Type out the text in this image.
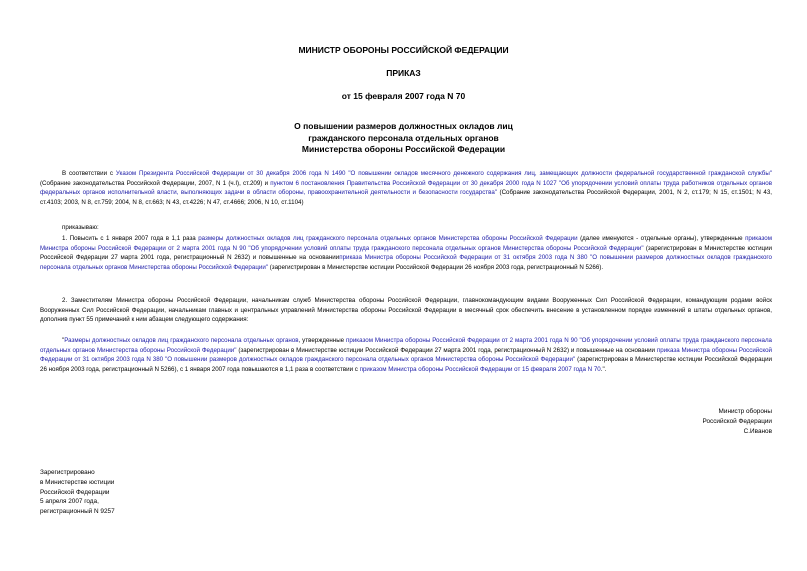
МИНИСТР ОБОРОНЫ РОССИЙСКОЙ ФЕДЕРАЦИИ
ПРИКАЗ
от 15 февраля 2007 года N 70
О повышении размеров должностных окладов лиц
гражданского персонала отдельных органов
Министерства обороны Российской Федерации
В соответствии с Указом Президента Российской Федерации от 30 декабря 2006 года N 1490 "О повышении окладов месячного денежного содержания лиц, замещающих должности федеральной государственной гражданской службы" (Собрание законодательства Российской Федерации, 2007, N 1 (ч.I), ст.209) и пунктом 6 постановления Правительства Российской Федерации от 30 декабря 2000 года N 1027 "Об упорядочении условий оплаты труда работников отдельных органов федеральных органов исполнительной власти, выполняющих задачи в области обороны, правоохранительной деятельности и безопасности государства" (Собрание законодательства Российской Федерации, 2001, N 2, ст.179; N 15, ст.1501; N 43, ст.4103; 2003, N 8, ст.759; 2004, N 8, ст.663; N 43, ст.4226; N 47, ст.4666; 2006, N 10, ст.1104)
приказываю:
1. Повысить с 1 января 2007 года в 1,1 раза размеры должностных окладов лиц гражданского персонала отдельных органов Министерства обороны Российской Федерации (далее именуются - отдельные органы), утвержденные приказом Министра обороны Российской Федерации от 2 марта 2001 года N 90 "Об упорядочении условий оплаты труда гражданского персонала отдельных органов Министерства обороны Российской Федерации" (зарегистрирован в Министерстве юстиции Российской Федерации 27 марта 2001 года, регистрационный N 2632) и повышенные на основанииприказа Министра обороны Российской Федерации от 31 октября 2003 года N 380 "О повышении размеров должностных окладов гражданского персонала отдельных органов Министерства обороны Российской Федерации" (зарегистрирован в Министерстве юстиции Российской Федерации 26 ноября 2003 года, регистрационный N 5266).
2. Заместителям Министра обороны Российской Федерации, начальникам служб Министерства обороны Российской Федерации, главнокомандующим видами Вооруженных Сил Российской Федерации, командующим родами войск Вооруженных Сил Российской Федерации, начальникам главных и центральных управлений Министерства обороны Российской Федерации в месячный срок обеспечить внесение в установленном порядке изменений в штаты отдельных органов, дополнив пункт 55 примечаний к ним абзацем следующего содержания:
"Размеры должностных окладов лиц гражданского персонала отдельных органов, утвержденные приказом Министра обороны Российской Федерации от 2 марта 2001 года N 90 "Об упорядочении условий оплаты труда гражданского персонала отдельных органов Министерства обороны Российской Федерации" (зарегистрирован в Министерстве юстиции Российской Федерации 27 марта 2001 года, регистрационный N 2632) и повышенные на основании приказа Министра обороны Российской Федерации от 31 октября 2003 года N 380 "О повышении размеров должностных окладов гражданского персонала отдельных органов Министерства обороны Российской Федерации" (зарегистрирован в Министерстве юстиции Российской Федерации 26 ноября 2003 года, регистрационный N 5266), с 1 января 2007 года повышаются в 1,1 раза в соответствии с приказом Министра обороны Российской Федерации от 15 февраля 2007 года N 70.".
Министр обороны
Российской Федерации
С.Иванов
Зарегистрировано
в Министерстве юстиции
Российской Федерации
5 апреля 2007 года,
регистрационный N 9257
